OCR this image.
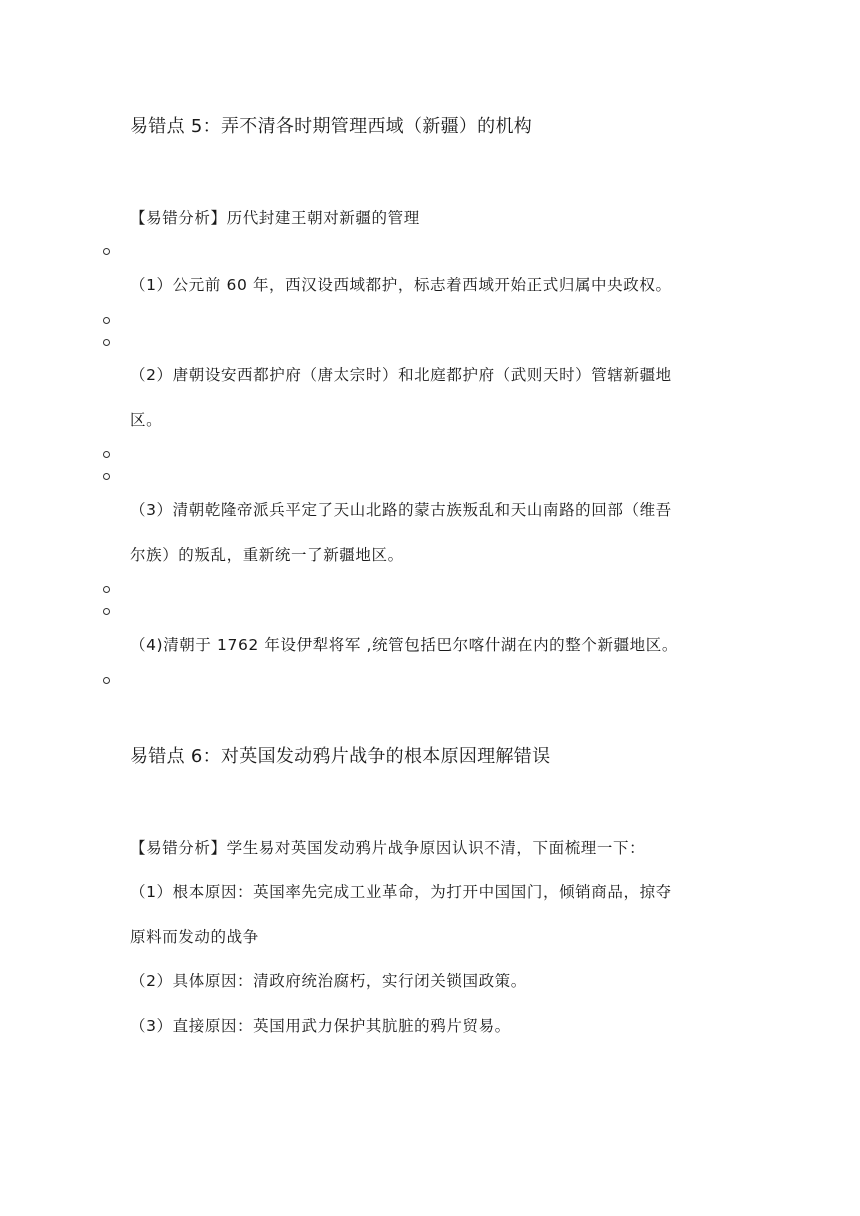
易错点 5：弄不清各时期管理西域（新疆）的机构
【易错分析】历代封建王朝对新疆的管理
（1）公元前 60 年，西汉设西域都护，标志着西域开始正式归属中央政权。
（2）唐朝设安西都护府（唐太宗时）和北庭都护府（武则天时）管辖新疆地
区。
（3）清朝乾隆帝派兵平定了天山北路的蒙古族叛乱和天山南路的回部（维吾
尔族）的叛乱，重新统一了新疆地区。
（4)清朝于 1762 年设伊犁将军 ,统管包括巴尔喀什湖在内的整个新疆地区。
易错点 6：对英国发动鸦片战争的根本原因理解错误
【易错分析】学生易对英国发动鸦片战争原因认识不清，下面梳理一下：
（1）根本原因：英国率先完成工业革命，为打开中国国门，倾销商品，掠夺
原料而发动的战争
（2）具体原因：清政府统治腐朽，实行闭关锁国政策。
（3）直接原因：英国用武力保护其肮脏的鸦片贸易。
